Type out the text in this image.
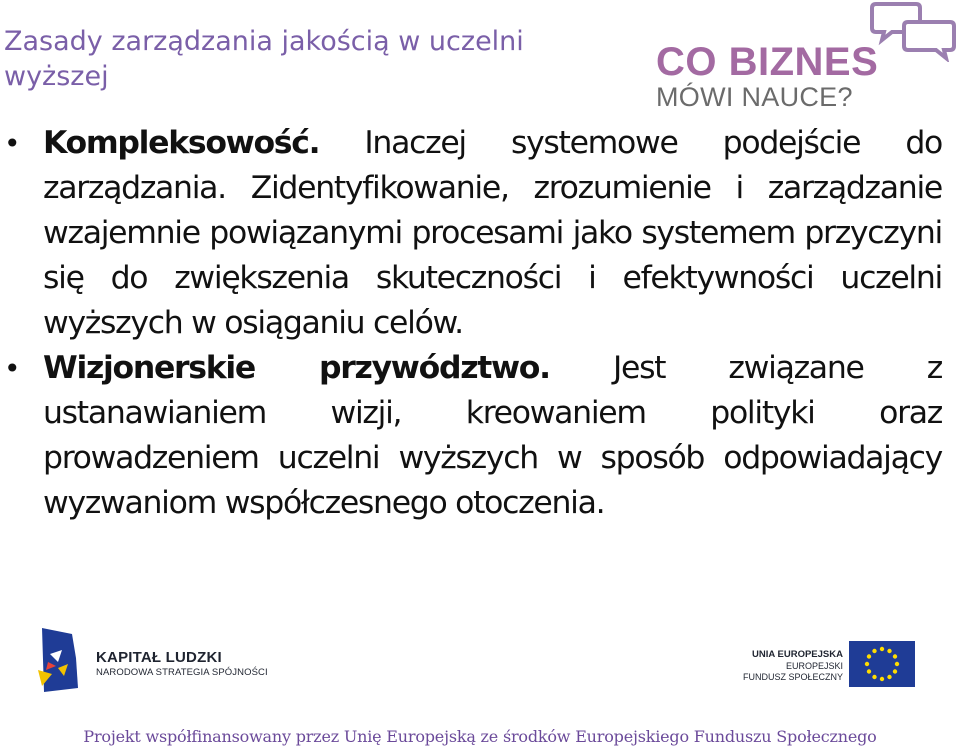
Zasady zarządzania jakością w uczelni wyższej	CO BIZNES
MÓWI NAUCE?
• Kompleksowość. Inaczej systemowe podejście do zarządzania. Zidentyfikowanie, zrozumienie i zarządzanie wzajemnie powiązanymi procesami jako systemem przyczyni się do zwiększenia skuteczności i efektywności uczelni wyższych w osiąganiu celów.
• Wizjonerskie przywództwo. Jest związane z ustanawianiem wizji, kreowaniem polityki oraz prowadzeniem uczelni wyższych w sposób odpowiadający wyzwaniom współczesnego otoczenia.
KAPITAŁ LUDZKI
NARODOWA STRATEGIA SPÓJNOŚCI
UNIA EUROPEJSKA
EUROPEJSKI
FUNDUSZ SPOŁECZNY
Projekt współfinansowany przez Unię Europejską ze środków Europejskiego Funduszu Społecznego
